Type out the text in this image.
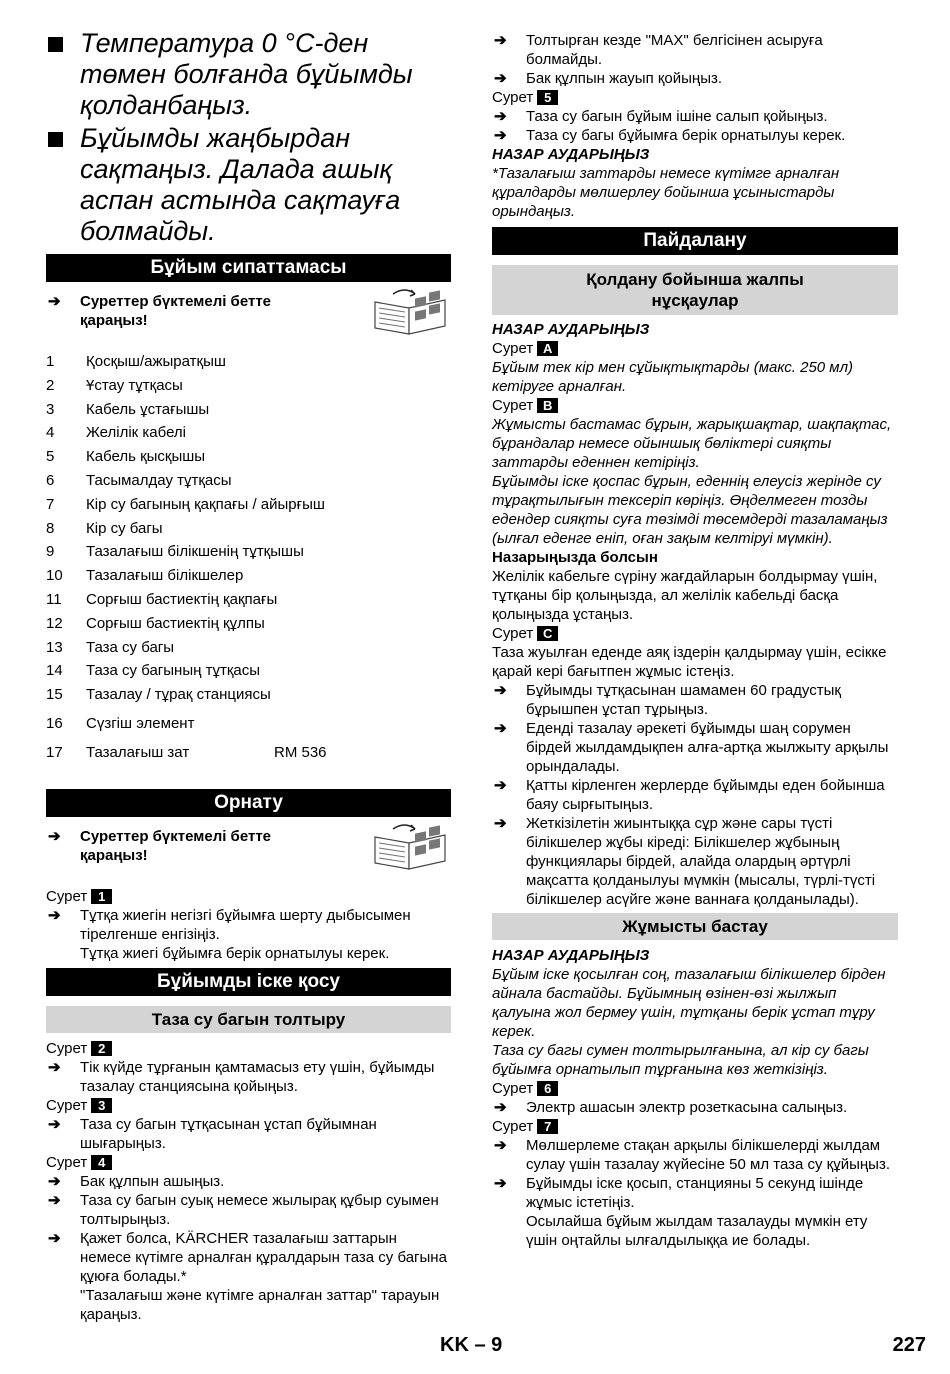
Температура 0 °C-ден төмен болғанда бұйымды қолданбаңыз.
Бұйымды жаңбырдан сақтаңыз. Далада ашық аспан астында сақтауға болмайды.
Бұйым сипаттамасы
➔ Суреттер бүктемелі бетте қараңыз!
1	Қосқыш/ажыратқыш
2	Ұстау тұтқасы
3	Кабель ұстағышы
4	Желілік кабелі
5	Кабель қысқышы
6	Тасымалдау тұтқасы
7	Кір су багының қақпағы / айырғыш
8	Кір су багы
9	Тазалағыш білікшенің тұтқышы
10	Тазалағыш білікшелер
11	Сорғыш бастиектің қақпағы
12	Сорғыш бастиектің құлпы
13	Таза су багы
14	Таза су багының тұтқасы
15	Тазалау / тұрақ станциясы
16	Сүзгіш элемент
17	Тазалағыш зат	RM 536
Орнату
➔ Суреттер бүктемелі бетте қараңыз!
Сурет 1
➔ Тұтқа жиегін негізгі бұйымға шерту дыбысымен тірелгенше енгізіңіз.
Тұтқа жиегі бұйымға берік орнатылуы керек.
Бұйымды іске қосу
Таза су багын толтыру
Сурет 2
➔ Тік күйде тұрғанын қамтамасыз ету үшін, бұйымды тазалау станциясына қойыңыз.
Сурет 3
➔ Таза су багын тұтқасынан ұстап бұйымнан шығарыңыз.
Сурет 4
➔ Бак құлпын ашыңыз.
➔ Таза су багын суық немесе жылырақ құбыр суымен толтырыңыз.
➔ Қажет болса, KÄRCHER тазалағыш заттарын немесе күтімге арналған құралдарын таза су багына құюға болады.*
"Тазалағыш және күтімге арналған заттар" тарауын қараңыз.
➔ Толтырған кезде "MAX" белгісінен асыруға болмайды.
➔ Бак құлпын жауып қойыңыз.
Сурет 5
➔ Таза су багын бұйым ішіне салып қойыңыз.
➔ Таза су багы бұйымға берік орнатылуы керек.
НАЗАР АУДАРЫҢЫЗ
*Тазалағыш заттарды немесе күтімге арналған құралдарды мөлшерлеу бойынша ұсыныстарды орындаңыз.
Пайдалану
Қолдану бойынша жалпы
нұсқаулар
НАЗАР АУДАРЫҢЫЗ
Сурет A
Бұйым тек кір мен сұйықтықтарды (макс. 250 мл) кетіруге арналған.
Сурет B
Жұмысты бастамас бұрын, жарықшақтар, шақпақтас, бұрандалар немесе ойыншық бөліктері сияқты заттарды еденнен кетіріңіз.
Бұйымды іске қоспас бұрын, еденнің елеусіз жерінде су тұрақтылығын тексеріп көріңіз. Өңделмеген тозды едендер сияқты суға төзімді төсемдерді тазаламаңыз (ылғал еденге еніп, оған зақым келтіруі мүмкін).
Назарыңызда болсын
Желілік кабельге сүріну жағдайларын болдырмау үшін, тұтқаны бір қолыңызда, ал желілік кабельді басқа қолыңызда ұстаңыз.
Сурет C
Таза жуылған еденде аяқ іздерін қалдырмау үшін, есікке қарай кері бағытпен жұмыс істеңіз.
➔ Бұйымды тұтқасынан шамамен 60 градустық бұрышпен ұстап тұрыңыз.
➔ Еденді тазалау әрекеті бұйымды шаң сорумен бірдей жылдамдықпен алға-артқа жылжыту арқылы орындалады.
➔ Қатты кірленген жерлерде бұйымды еден бойынша баяу сырғытыңыз.
➔ Жеткізілетін жиынтыққа сұр және сары түсті білікшелер жұбы кіреді: Білікшелер жұбының функциялары бірдей, алайда олардың әртүрлі мақсатта қолданылуы мүмкін (мысалы, түрлі-түсті білікшелер асүйге және ваннаға қолданылады).
Жұмысты бастау
НАЗАР АУДАРЫҢЫЗ
Бұйым іске қосылған соң, тазалағыш білікшелер бірден айнала бастайды. Бұйымның өзінен-өзі жылжып қалуына жол бермеу үшін, тұтқаны берік ұстап тұру керек.
Таза су багы сумен толтырылғанына, ал кір су багы бұйымға орнатылып тұрғанына көз жеткізіңіз.
Сурет 6
➔ Электр ашасын электр розеткасына салыңыз.
Сурет 7
➔ Мөлшерлеме стақан арқылы білікшелерді жылдам сулау үшін тазалау жүйесіне 50 мл таза су құйыңыз.
➔ Бұйымды іске қосып, станцияны 5 секунд ішінде жұмыс істетіңіз.
Осылайша бұйым жылдам тазалауды мүмкін ету үшін оңтайлы ылғалдылыққа ие болады.
KK – 9	227
